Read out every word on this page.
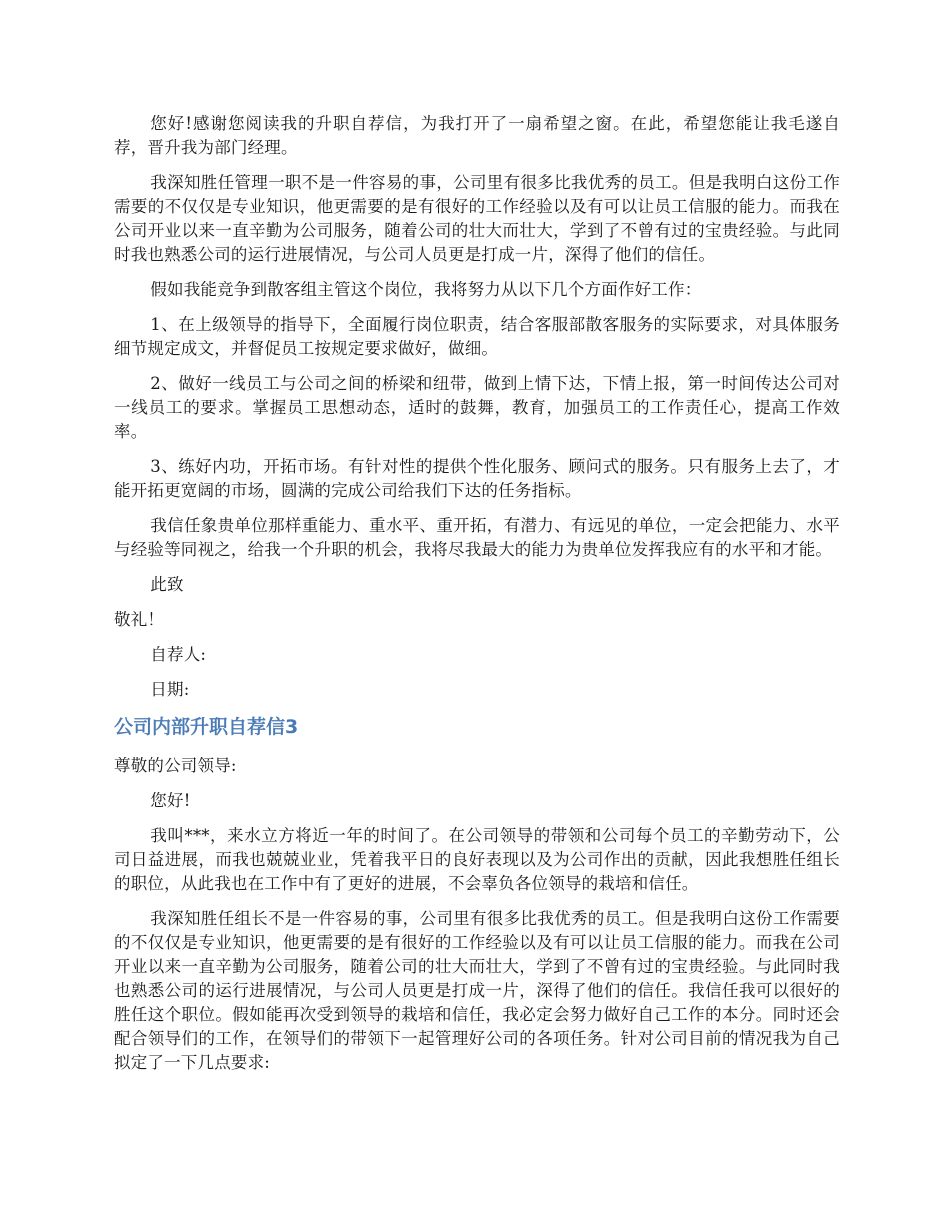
您好!感谢您阅读我的升职自荐信，为我打开了一扇希望之窗。在此，希望您能让我毛遂自荐，晋升我为部门经理。

我深知胜任管理一职不是一件容易的事，公司里有很多比我优秀的员工。但是我明白这份工作需要的不仅仅是专业知识，他更需要的是有很好的工作经验以及有可以让员工信服的能力。而我在公司开业以来一直辛勤为公司服务，随着公司的壮大而壮大，学到了不曾有过的宝贵经验。与此同时我也熟悉公司的运行进展情况，与公司人员更是打成一片，深得了他们的信任。

假如我能竞争到散客组主管这个岗位，我将努力从以下几个方面作好工作：

1、在上级领导的指导下，全面履行岗位职责，结合客服部散客服务的实际要求，对具体服务细节规定成文，并督促员工按规定要求做好，做细。

2、做好一线员工与公司之间的桥梁和纽带，做到上情下达，下情上报，第一时间传达公司对一线员工的要求。掌握员工思想动态，适时的鼓舞，教育，加强员工的工作责任心，提高工作效率。

3、练好内功，开拓市场。有针对性的提供个性化服务、顾问式的服务。只有服务上去了，才能开拓更宽阔的市场，圆满的完成公司给我们下达的任务指标。

我信任象贵单位那样重能力、重水平、重开拓，有潜力、有远见的单位，一定会把能力、水平与经验等同视之，给我一个升职的机会，我将尽我最大的能力为贵单位发挥我应有的水平和才能。

此致

敬礼！

自荐人:

日期:

公司内部升职自荐信3

尊敬的公司领导:

您好!

我叫***，来水立方将近一年的时间了。在公司领导的带领和公司每个员工的辛勤劳动下，公司日益进展，而我也兢兢业业，凭着我平日的良好表现以及为公司作出的贡献，因此我想胜任组长的职位，从此我也在工作中有了更好的进展，不会辜负各位领导的栽培和信任。

我深知胜任组长不是一件容易的事，公司里有很多比我优秀的员工。但是我明白这份工作需要的不仅仅是专业知识，他更需要的是有很好的工作经验以及有可以让员工信服的能力。而我在公司开业以来一直辛勤为公司服务，随着公司的壮大而壮大，学到了不曾有过的宝贵经验。与此同时我也熟悉公司的运行进展情况，与公司人员更是打成一片，深得了他们的信任。我信任我可以很好的胜任这个职位。假如能再次受到领导的栽培和信任，我必定会努力做好自己工作的本分。同时还会配合领导们的工作，在领导们的带领下一起管理好公司的各项任务。针对公司目前的情况我为自己拟定了一下几点要求:
